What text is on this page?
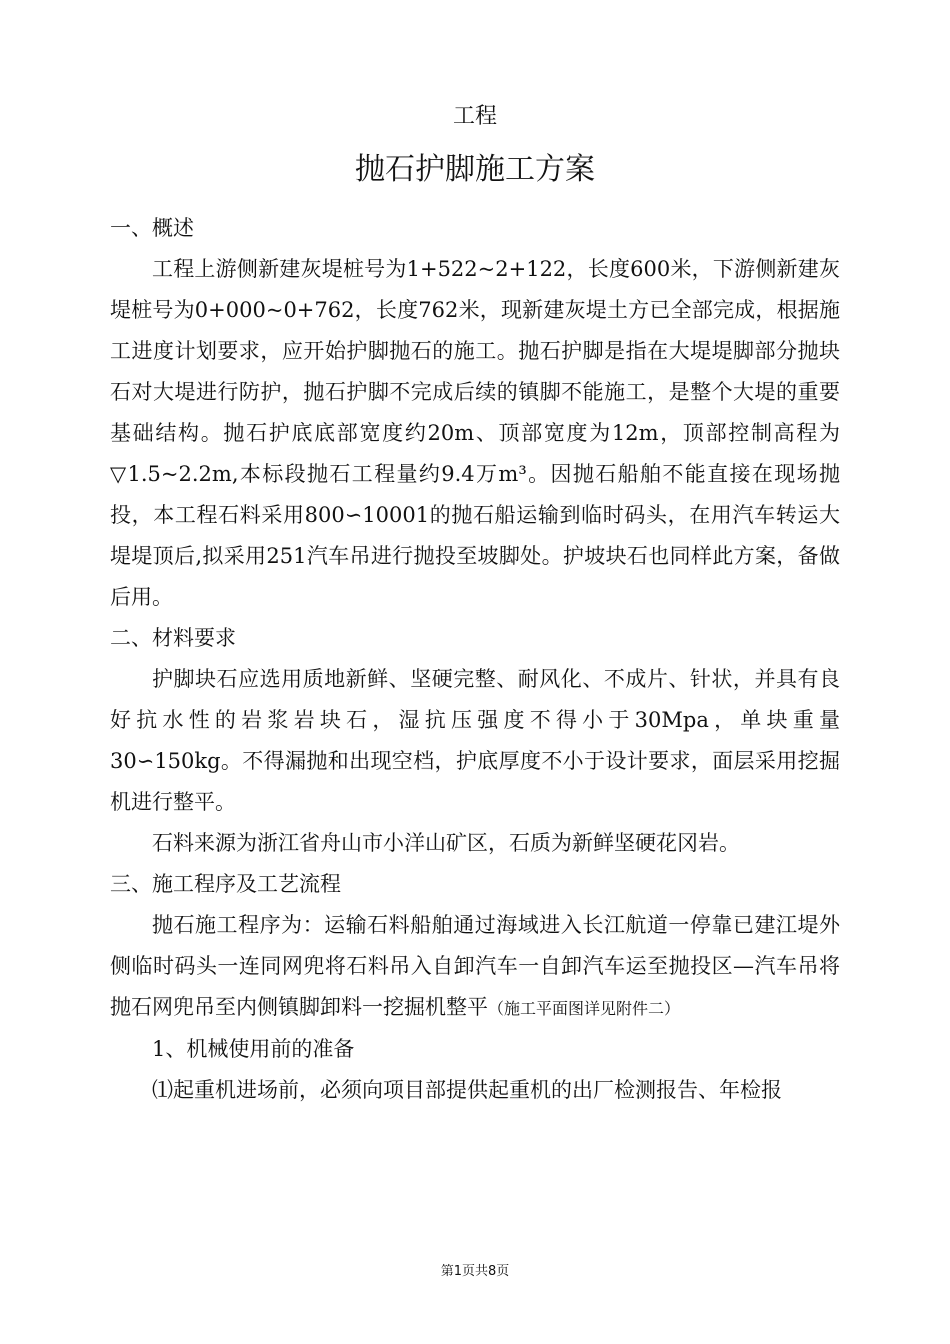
工程
抛石护脚施工方案

一、概述

工程上游侧新建灰堤桩号为1+522~2+122，长度600米，下游侧新建灰堤桩号为0+000~0+762，长度762米，现新建灰堤土方已全部完成，根据施工进度计划要求，应开始护脚抛石的施工。抛石护脚是指在大堤堤脚部分抛块石对大堤进行防护，抛石护脚不完成后续的镇脚不能施工，是整个大堤的重要基础结构。抛石护底底部宽度约20m、顶部宽度为12m，顶部控制高程为▽1.5~2.2m,本标段抛石工程量约9.4万m³。因抛石船舶不能直接在现场抛投，本工程石料采用800∽10001的抛石船运输到临时码头，在用汽车转运大堤堤顶后,拟采用251汽车吊进行抛投至坡脚处。护坡块石也同样此方案，备做后用。

二、材料要求

护脚块石应选用质地新鲜、坚硬完整、耐风化、不成片、针状，并具有良好抗水性的岩浆岩块石，湿抗压强度不得小于30Mpa，单块重量30∽150kg。不得漏抛和出现空档，护底厚度不小于设计要求，面层采用挖掘机进行整平。

石料来源为浙江省舟山市小洋山矿区，石质为新鲜坚硬花冈岩。

三、施工程序及工艺流程

抛石施工程序为：运输石料船舶通过海域进入长江航道一停靠已建江堤外侧临时码头一连同网兜将石料吊入自卸汽车一自卸汽车运至抛投区—汽车吊将抛石网兜吊至内侧镇脚卸料一挖掘机整平（施工平面图详见附件二）

1、机械使用前的准备

⑴起重机进场前，必须向项目部提供起重机的出厂检测报告、年检报

第1页共8页
